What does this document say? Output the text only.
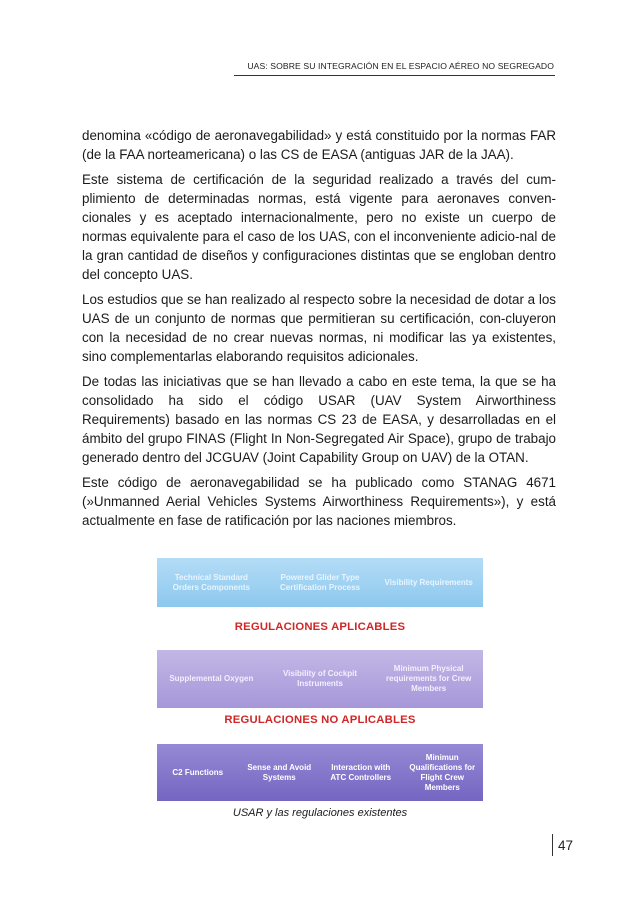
UAS: SOBRE SU INTEGRACIÓN EN EL ESPACIO AÉREO NO SEGREGADO

denomina «código de aeronavegabilidad» y está constituido por la normas FAR (de la FAA norteamericana) o las CS de EASA (antiguas JAR de la JAA).

Este sistema de certificación de la seguridad realizado a través del cum-plimiento de determinadas normas, está vigente para aeronaves conven-cionales y es aceptado internacionalmente, pero no existe un cuerpo de normas equivalente para el caso de los UAS, con el inconveniente adicio-nal de la gran cantidad de diseños y configuraciones distintas que se engloban dentro del concepto UAS.

Los estudios que se han realizado al respecto sobre la necesidad de dotar a los UAS de un conjunto de normas que permitieran su certificación, con-cluyeron con la necesidad de no crear nuevas normas, ni modificar las ya existentes, sino complementarlas elaborando requisitos adicionales.

De todas las iniciativas que se han llevado a cabo en este tema, la que se ha consolidado ha sido el código USAR (UAV System Airworthiness Requirements) basado en las normas CS 23 de EASA, y desarrolladas en el ámbito del grupo FINAS (Flight In Non-Segregated Air Space), grupo de trabajo generado dentro del JCGUAV (Joint Capability Group on UAV) de la OTAN.

Este código de aeronavegabilidad se ha publicado como STANAG 4671 (»Unmanned Aerial Vehicles Systems Airworthiness Requirements»), y está actualmente en fase de ratificación por las naciones miembros.

Technical Standard Orders Components
Powered Glider Type Certification Process
Visibility Requirements
REGULACIONES APLICABLES
Supplemental Oxygen
Visibility of Cockpit Instruments
Minimum Physical requirements for Crew Members
REGULACIONES NO APLICABLES
C2 Functions
Sense and Avoid Systems
Interaction with ATC Controllers
Minimun Qualifications for Flight Crew Members
USAR y las regulaciones existentes
47
